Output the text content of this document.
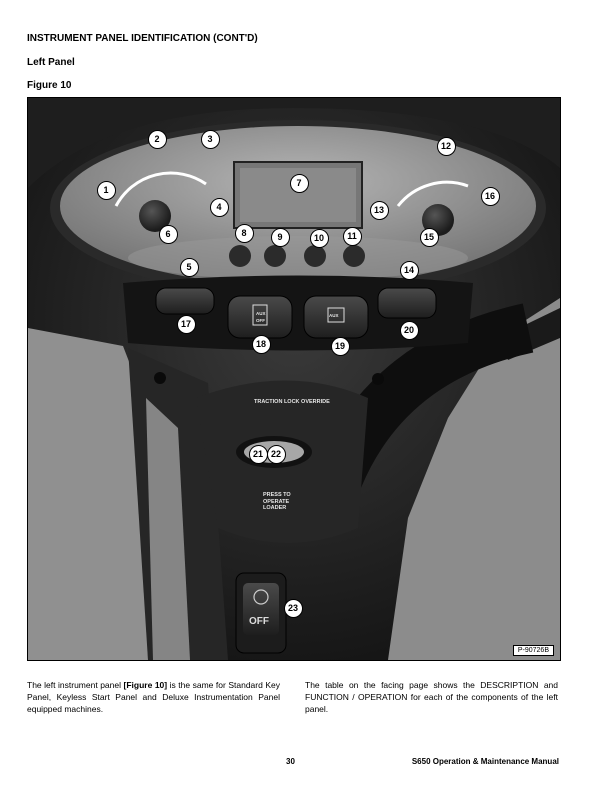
INSTRUMENT PANEL IDENTIFICATION (CONT'D)
Left Panel
Figure 10
TRACTION LOCK OVERRIDE
PRESS TO OPERATE LOADER
AUX OFF
AUX
OFF
1
2	3
4
5
6
7
8	9	10	11
12
13
14
15
16
17
18	19
20
21 22
23
P-90726B
The left instrument panel [Figure 10] is the same for Standard Key Panel, Keyless Start Panel and Deluxe Instrumentation Panel equipped machines.
The table on the facing page shows the DESCRIPTION and FUNCTION / OPERATION for each of the components of the left panel.
30	S650 Operation & Maintenance Manual
